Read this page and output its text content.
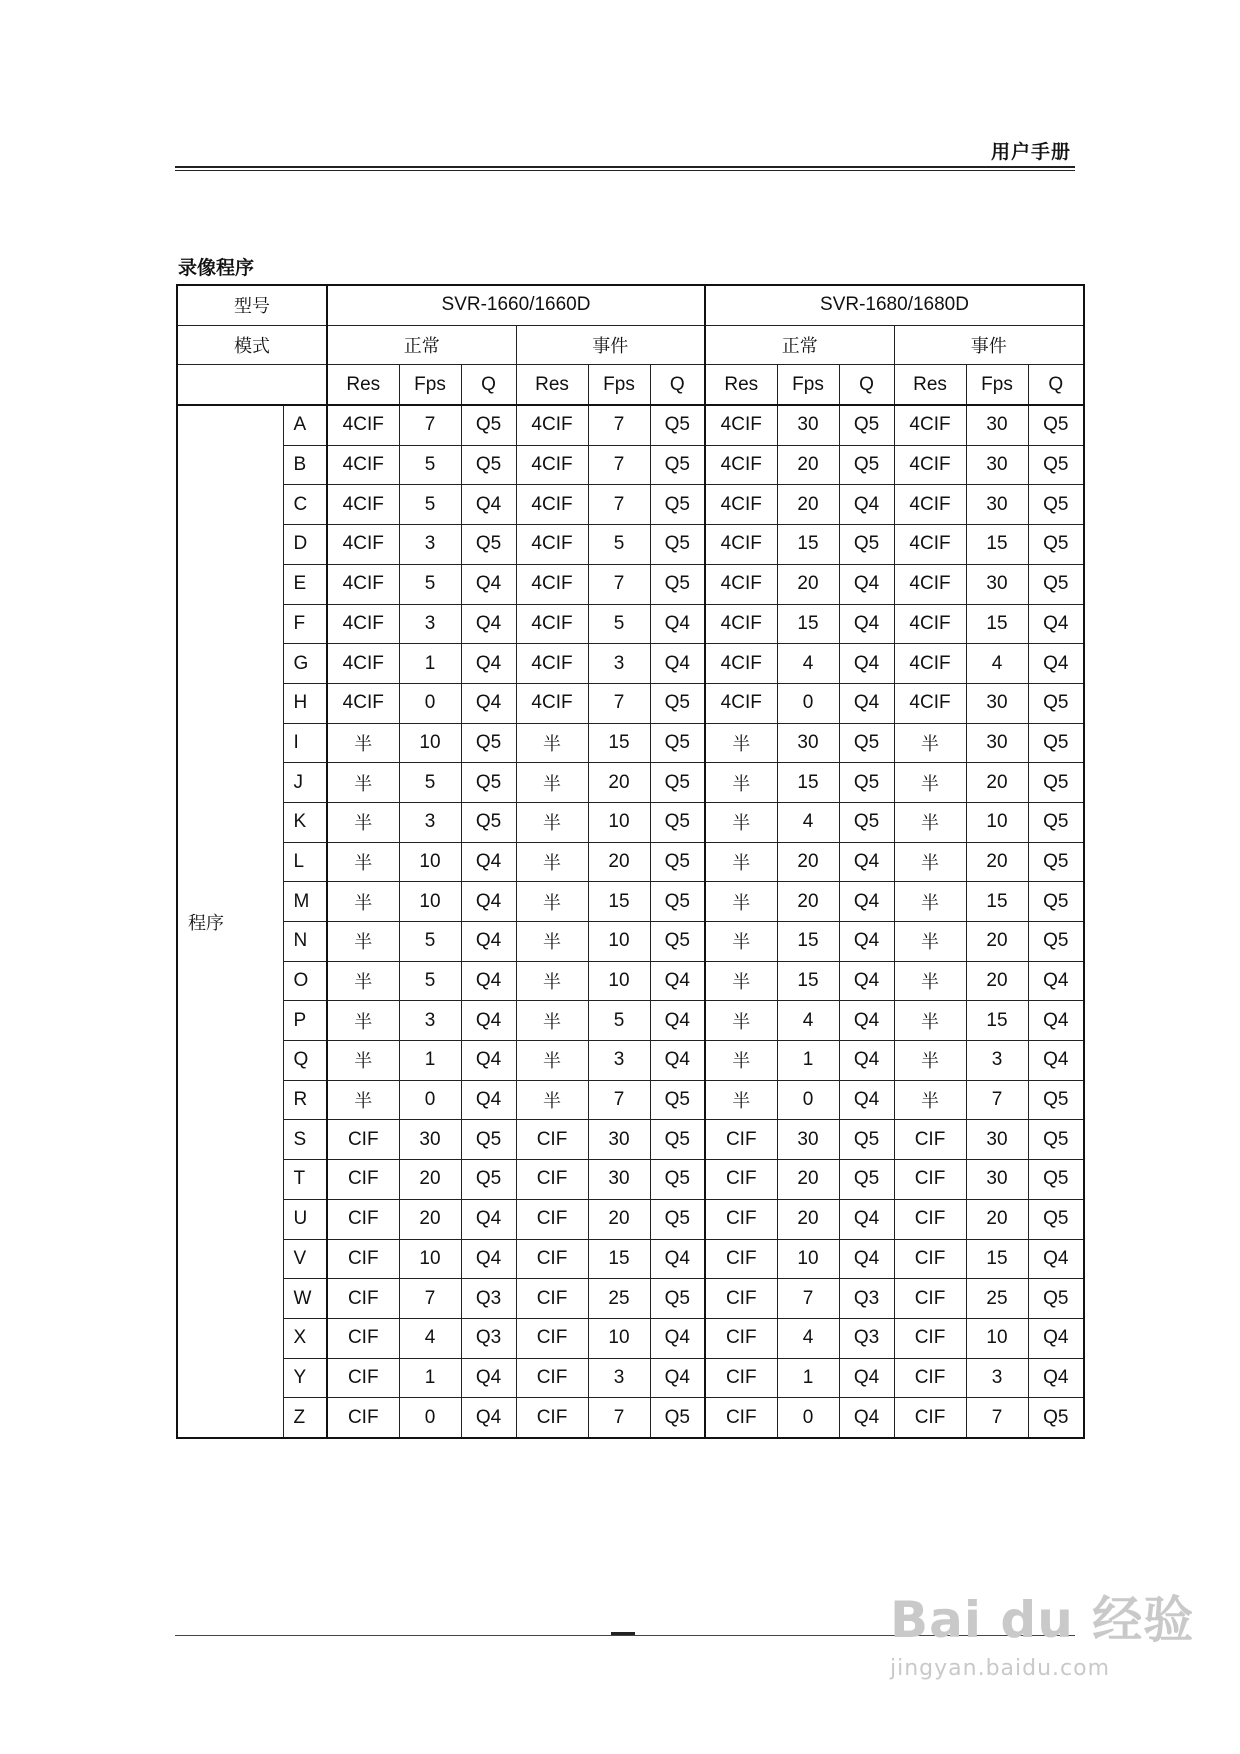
用户手册
录像程序
型号		SVR-1660/1660D						SVR-1680/1680D					
模式		正常			事件			正常			事件		
		Res	Fps	Q	Res	Fps	Q	Res	Fps	Q	Res	Fps	Q
程序	A	4CIF	7	Q5	4CIF	7	Q5	4CIF	30	Q5	4CIF	30	Q5
	B	4CIF	5	Q5	4CIF	7	Q5	4CIF	20	Q5	4CIF	30	Q5
	C	4CIF	5	Q4	4CIF	7	Q5	4CIF	20	Q4	4CIF	30	Q5
	D	4CIF	3	Q5	4CIF	5	Q5	4CIF	15	Q5	4CIF	15	Q5
	E	4CIF	5	Q4	4CIF	7	Q5	4CIF	20	Q4	4CIF	30	Q5
	F	4CIF	3	Q4	4CIF	5	Q4	4CIF	15	Q4	4CIF	15	Q4
	G	4CIF	1	Q4	4CIF	3	Q4	4CIF	4	Q4	4CIF	4	Q4
	H	4CIF	0	Q4	4CIF	7	Q5	4CIF	0	Q4	4CIF	30	Q5
	I	半	10	Q5	半	15	Q5	半	30	Q5	半	30	Q5
	J	半	5	Q5	半	20	Q5	半	15	Q5	半	20	Q5
	K	半	3	Q5	半	10	Q5	半	4	Q5	半	10	Q5
	L	半	10	Q4	半	20	Q5	半	20	Q4	半	20	Q5
	M	半	10	Q4	半	15	Q5	半	20	Q4	半	15	Q5
	N	半	5	Q4	半	10	Q5	半	15	Q4	半	20	Q5
	O	半	5	Q4	半	10	Q4	半	15	Q4	半	20	Q4
	P	半	3	Q4	半	5	Q4	半	4	Q4	半	15	Q4
	Q	半	1	Q4	半	3	Q4	半	1	Q4	半	3	Q4
	R	半	0	Q4	半	7	Q5	半	0	Q4	半	7	Q5
	S	CIF	30	Q5	CIF	30	Q5	CIF	30	Q5	CIF	30	Q5
	T	CIF	20	Q5	CIF	30	Q5	CIF	20	Q5	CIF	30	Q5
	U	CIF	20	Q4	CIF	20	Q5	CIF	20	Q4	CIF	20	Q5
	V	CIF	10	Q4	CIF	15	Q4	CIF	10	Q4	CIF	15	Q4
	W	CIF	7	Q3	CIF	25	Q5	CIF	7	Q3	CIF	25	Q5
	X	CIF	4	Q3	CIF	10	Q4	CIF	4	Q3	CIF	10	Q4
	Y	CIF	1	Q4	CIF	3	Q4	CIF	1	Q4	CIF	3	Q4
	Z	CIF	0	Q4	CIF	7	Q5	CIF	0	Q4	CIF	7	Q5
Bai du 经验
jingyan.baidu.com
